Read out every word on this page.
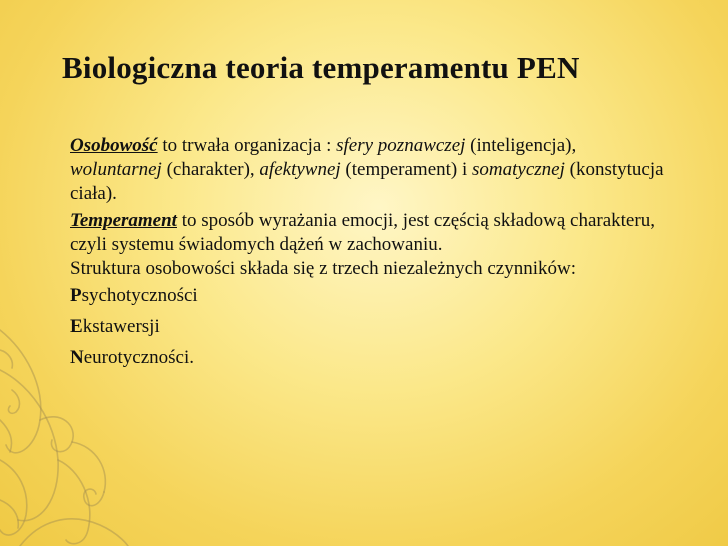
Biologiczna teoria temperamentu PEN

Osobowość to trwała organizacja : sfery poznawczej (inteligencja), woluntarnej (charakter), afektywnej (temperament) i somatycznej (konstytucja ciała).

Temperament to sposób wyrażania emocji, jest częścią składową charakteru, czyli systemu świadomych dążeń w zachowaniu.

Struktura osobowości składa się z trzech niezależnych czynników:

Psychotyczności
Ekstawersji
Neurotyczności.
